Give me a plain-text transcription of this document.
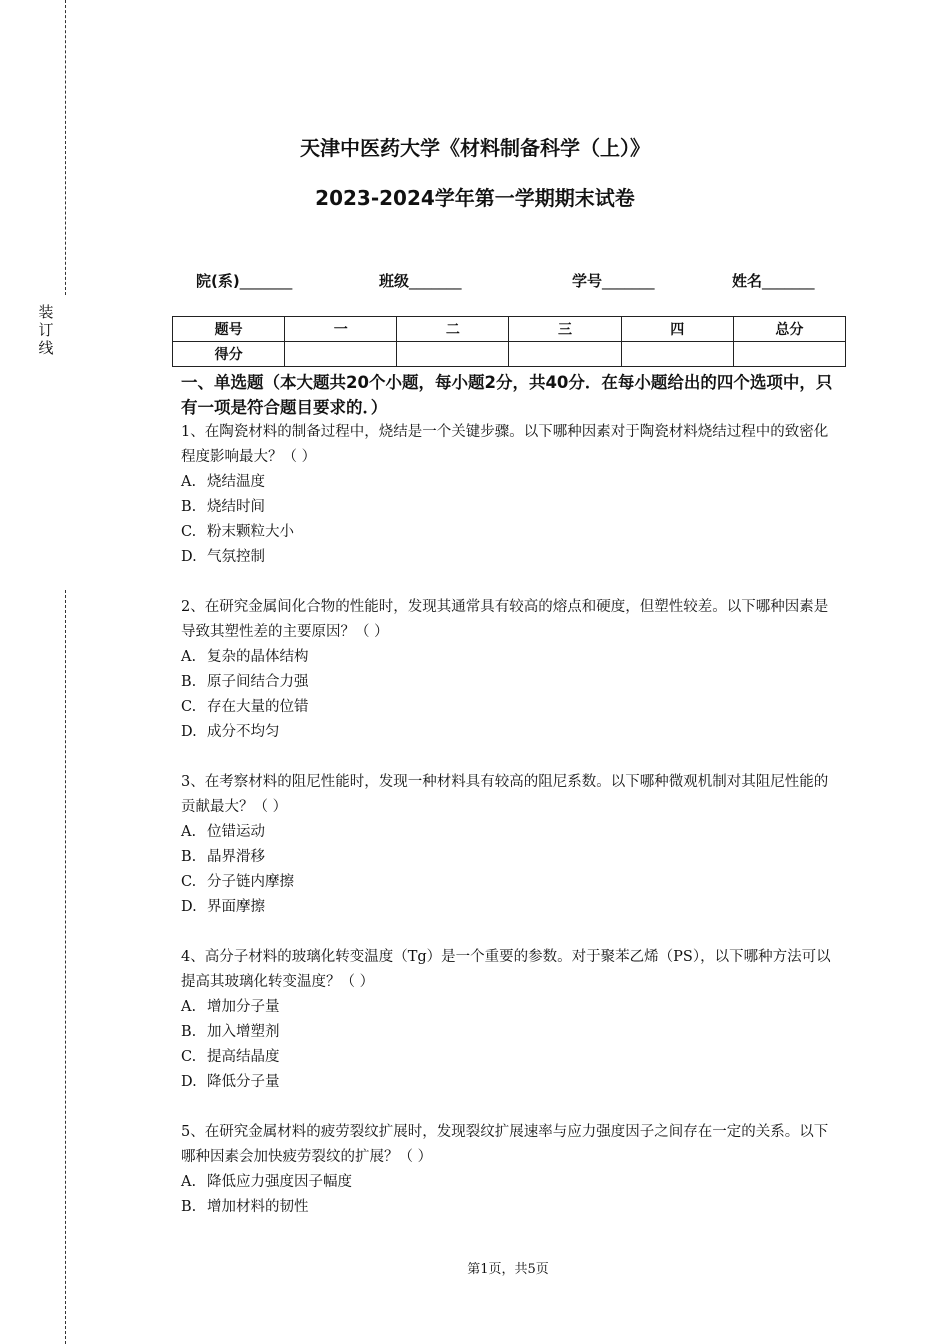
装
订
线
天津中医药大学《材料制备科学（上）》
2023-2024学年第一学期期末试卷
院(系)_______	班级_______	学号_______	姓名_______
题号	一	二	三	四	总分
得分					

一、单选题（本大题共20个小题，每小题2分，共40分．在每小题给出的四个选项中，只有一项是符合题目要求的．）

1、在陶瓷材料的制备过程中，烧结是一个关键步骤。以下哪种因素对于陶瓷材料烧结过程中的致密化程度影响最大？（ ）

A. 烧结温度

B. 烧结时间

C. 粉末颗粒大小

D. 气氛控制

2、在研究金属间化合物的性能时，发现其通常具有较高的熔点和硬度，但塑性较差。以下哪种因素是导致其塑性差的主要原因？（ ）

A. 复杂的晶体结构

B. 原子间结合力强

C. 存在大量的位错

D. 成分不均匀

3、在考察材料的阻尼性能时，发现一种材料具有较高的阻尼系数。以下哪种微观机制对其阻尼性能的贡献最大？（ ）

A. 位错运动

B. 晶界滑移

C. 分子链内摩擦

D. 界面摩擦

4、高分子材料的玻璃化转变温度（Tg）是一个重要的参数。对于聚苯乙烯（PS），以下哪种方法可以提高其玻璃化转变温度？（ ）

A. 增加分子量

B. 加入增塑剂

C. 提高结晶度

D. 降低分子量

5、在研究金属材料的疲劳裂纹扩展时，发现裂纹扩展速率与应力强度因子之间存在一定的关系。以下哪种因素会加快疲劳裂纹的扩展？（ ）

A. 降低应力强度因子幅度

B. 增加材料的韧性

第1页，共5页
